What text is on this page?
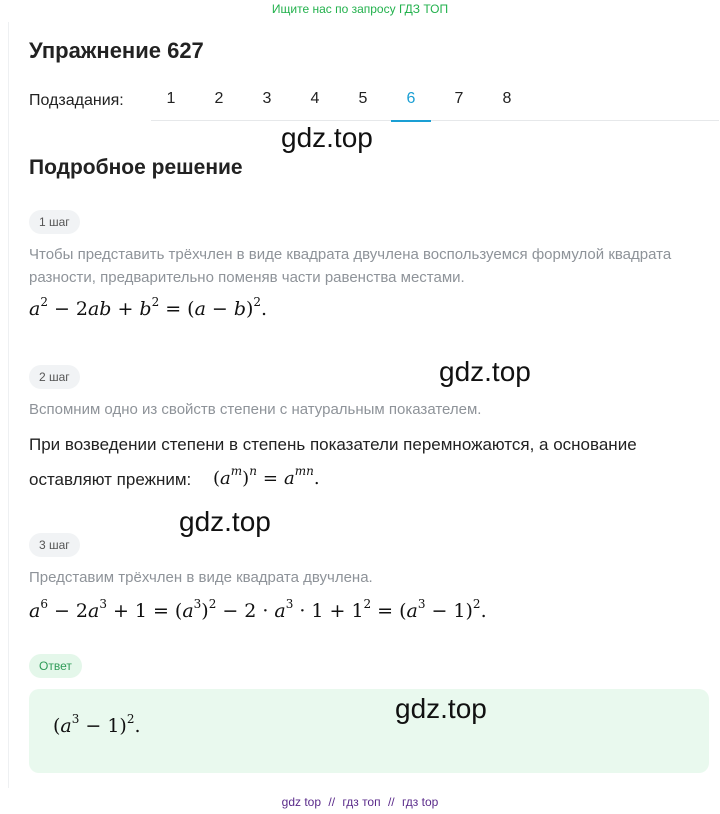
Ищите нас по запросу ГДЗ ТОП
Упражнение 627
Подзадания:	1	2	3	4	5	6	7	8
gdz.top
Подробное решение
1 шаг
Чтобы представить трёхчлен в виде квадрата двучлена воспользуемся формулой квадрата разности, предварительно поменяв части равенства местами.
$a^2 - 2ab + b^2 = (a - b)^2$.
gdz.top
2 шаг
Вспомним одно из свойств степени с натуральным показателем.
При возведении степени в степень показатели перемножаются, а основание
оставляют прежним: $(a^m)^n = a^{mn}$.
gdz.top
3 шаг
Представим трёхчлен в виде квадрата двучлена.
$a^6 - 2a^3 + 1 = (a^3)^2 - 2 \cdot a^3 \cdot 1 + 1^2 = (a^3 - 1)^2$.
Ответ
$(a^3 - 1)^2$.
gdz.top
gdz top // гдз топ // гдз top
